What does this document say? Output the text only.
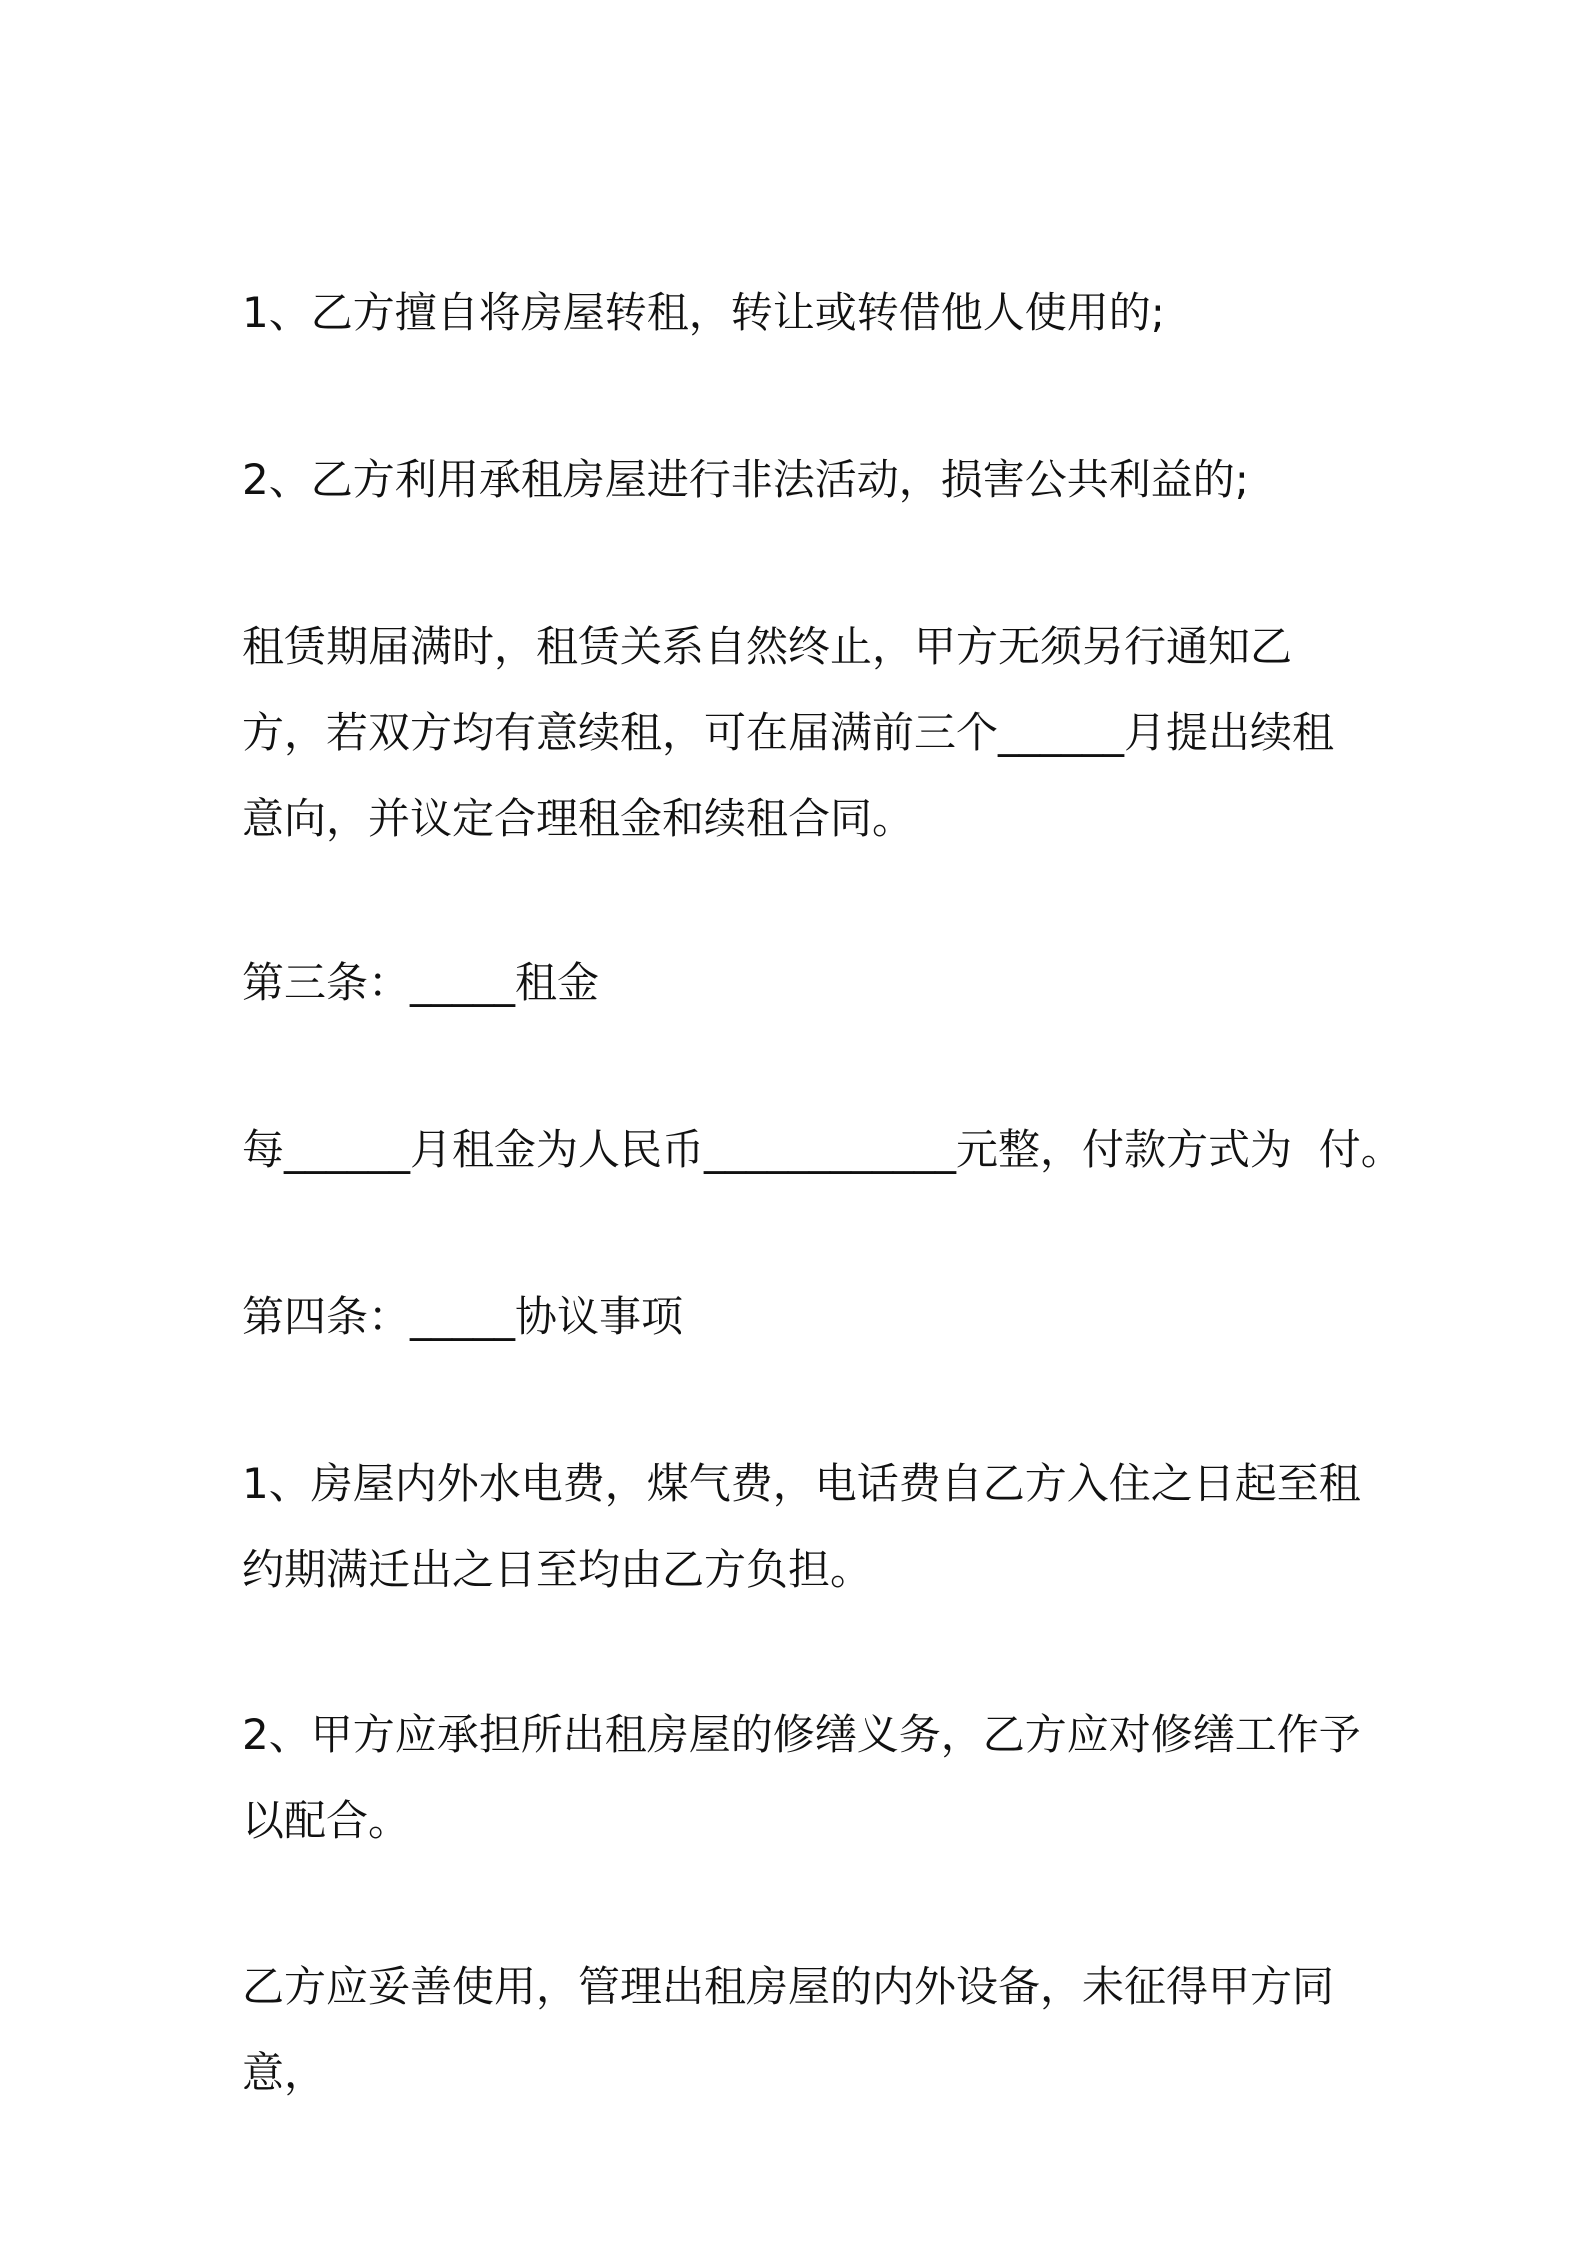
1、乙方擅自将房屋转租，转让或转借他人使用的;

2、乙方利用承租房屋进行非法活动，损害公共利益的;

租赁期届满时，租赁关系自然终止，甲方无须另行通知乙方，若双方均有意续租，可在届满前三个______月提出续租意向，并议定合理租金和续租合同。

第三条：_____租金

每______月租金为人民币____________元整，付款方式为  付。

第四条：_____协议事项

1、房屋内外水电费，煤气费，电话费自乙方入住之日起至租约期满迁出之日至均由乙方负担。

2、甲方应承担所出租房屋的修缮义务，乙方应对修缮工作予以配合。

乙方应妥善使用，管理出租房屋的内外设备，未征得甲方同意，
